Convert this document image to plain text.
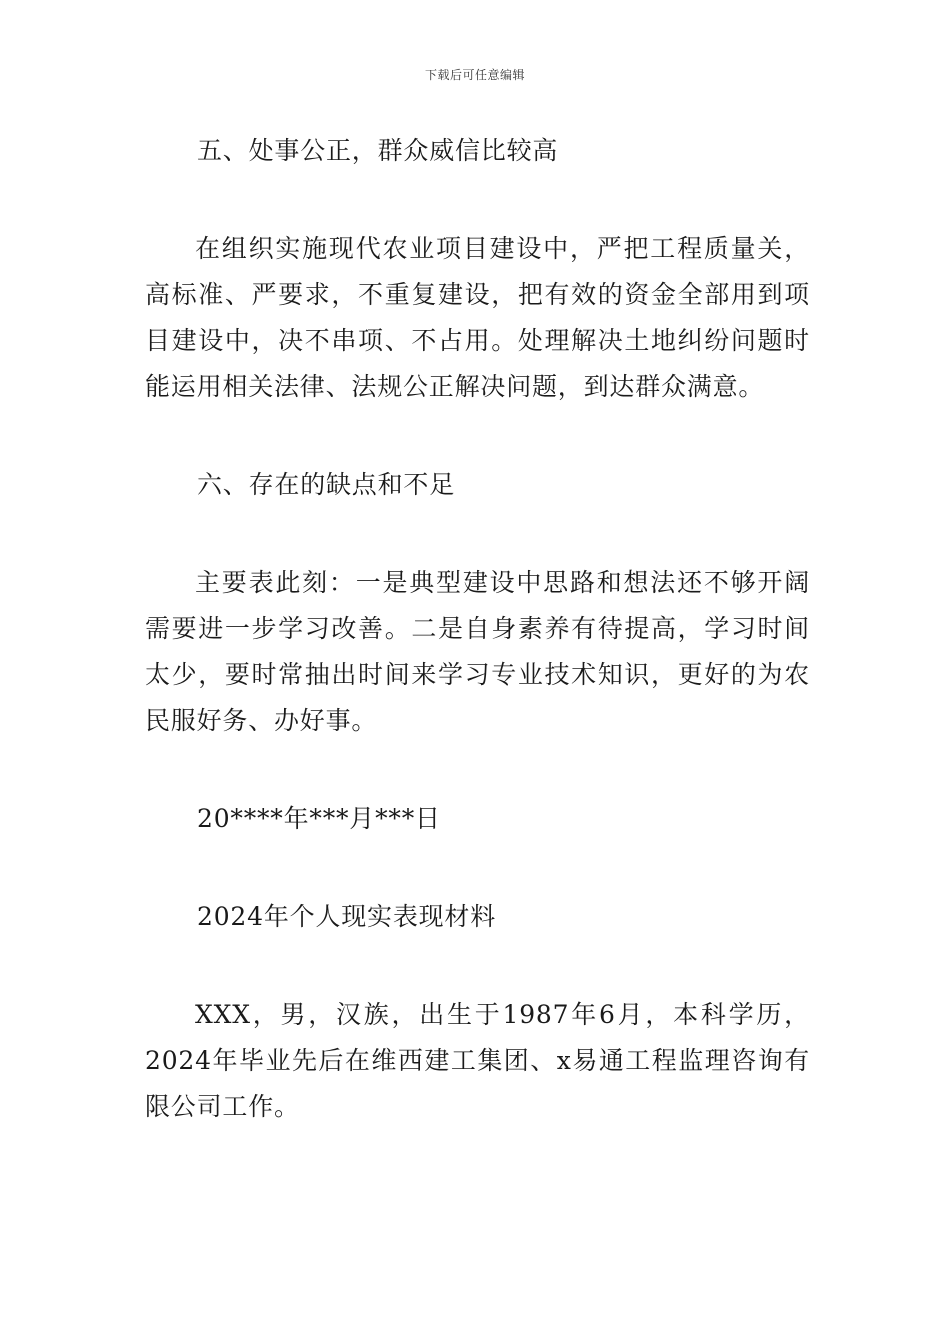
下载后可任意编辑

五、处事公正，群众威信比较高

在组织实施现代农业项目建设中，严把工程质量关，高标准、严要求，不重复建设，把有效的资金全部用到项目建设中，决不串项、不占用。处理解决土地纠纷问题时能运用相关法律、法规公正解决问题，到达群众满意。

六、存在的缺点和不足

主要表此刻：一是典型建设中思路和想法还不够开阔需要进一步学习改善。二是自身素养有待提高，学习时间太少，要时常抽出时间来学习专业技术知识，更好的为农民服好务、办好事。

20****年***月***日

2024年个人现实表现材料

XXX，男，汉族，出生于1987年6月，本科学历，2024年毕业先后在维西建工集团、x易通工程监理咨询有限公司工作。
